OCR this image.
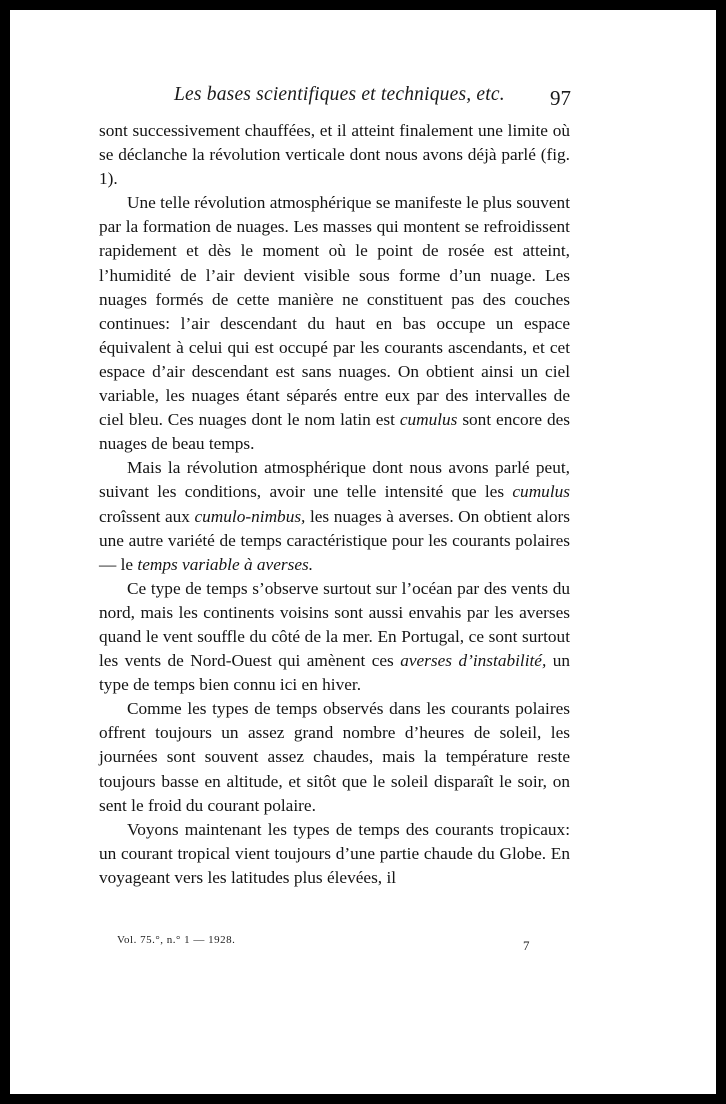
Les bases scientifiques et techniques, etc. 97

sont successivement chauffées, et il atteint finalement une limite où se déclanche la révolution verticale dont nous avons déjà parlé (fig. 1).

Une telle révolution atmosphérique se manifeste le plus souvent par la formation de nuages. Les masses qui montent se refroidissent rapidement et dès le moment où le point de rosée est atteint, l’humidité de l’air devient visible sous forme d’un nuage. Les nuages formés de cette manière ne constituent pas des couches continues: l’air descendant du haut en bas occupe un espace équivalent à celui qui est occupé par les courants ascendants, et cet espace d’air descendant est sans nuages. On obtient ainsi un ciel variable, les nuages étant séparés entre eux par des intervalles de ciel bleu. Ces nuages dont le nom latin est cumulus sont encore des nuages de beau temps.

Mais la révolution atmosphérique dont nous avons parlé peut, suivant les conditions, avoir une telle intensité que les cumulus croîssent aux cumulo-nimbus, les nuages à averses. On obtient alors une autre variété de temps caractéristique pour les courants polaires — le temps variable à averses.

Ce type de temps s’observe surtout sur l’océan par des vents du nord, mais les continents voisins sont aussi envahis par les averses quand le vent souffle du côté de la mer. En Portugal, ce sont surtout les vents de Nord-Ouest qui amènent ces averses d’instabilité, un type de temps bien connu ici en hiver.

Comme les types de temps observés dans les courants polaires offrent toujours un assez grand nombre d’heures de soleil, les journées sont souvent assez chaudes, mais la température reste toujours basse en altitude, et sitôt que le soleil disparaît le soir, on sent le froid du courant polaire.

Voyons maintenant les types de temps des courants tropicaux: un courant tropical vient toujours d’une partie chaude du Globe. En voyageant vers les latitudes plus élevées, il

Vol. 75.°, n.° 1 — 1928.	7
